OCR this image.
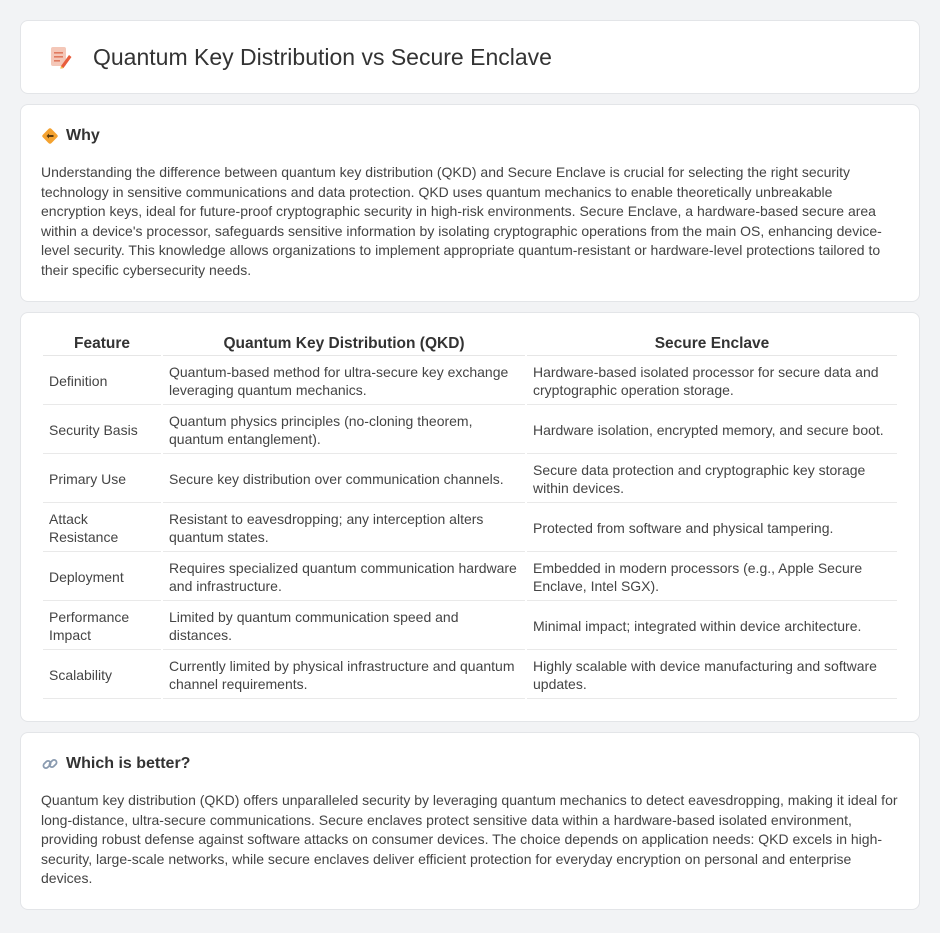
Quantum Key Distribution vs Secure Enclave
Why

Understanding the difference between quantum key distribution (QKD) and Secure Enclave is crucial for selecting the right security technology in sensitive communications and data protection. QKD uses quantum mechanics to enable theoretically unbreakable encryption keys, ideal for future-proof cryptographic security in high-risk environments. Secure Enclave, a hardware-based secure area within a device's processor, safeguards sensitive information by isolating cryptographic operations from the main OS, enhancing device-level security. This knowledge allows organizations to implement appropriate quantum-resistant or hardware-level protections tailored to their specific cybersecurity needs.

Feature	Quantum Key Distribution (QKD)	Secure Enclave
Definition	Quantum-based method for ultra-secure key exchange leveraging quantum mechanics.	Hardware-based isolated processor for secure data and cryptographic operation storage.
Security Basis	Quantum physics principles (no-cloning theorem, quantum entanglement).	Hardware isolation, encrypted memory, and secure boot.
Primary Use	Secure key distribution over communication channels.	Secure data protection and cryptographic key storage within devices.
Attack Resistance	Resistant to eavesdropping; any interception alters quantum states.	Protected from software and physical tampering.
Deployment	Requires specialized quantum communication hardware and infrastructure.	Embedded in modern processors (e.g., Apple Secure Enclave, Intel SGX).
Performance Impact	Limited by quantum communication speed and distances.	Minimal impact; integrated within device architecture.
Scalability	Currently limited by physical infrastructure and quantum channel requirements.	Highly scalable with device manufacturing and software updates.
Which is better?

Quantum key distribution (QKD) offers unparalleled security by leveraging quantum mechanics to detect eavesdropping, making it ideal for long-distance, ultra-secure communications. Secure enclaves protect sensitive data within a hardware-based isolated environment, providing robust defense against software attacks on consumer devices. The choice depends on application needs: QKD excels in high-security, large-scale networks, while secure enclaves deliver efficient protection for everyday encryption on personal and enterprise devices.
